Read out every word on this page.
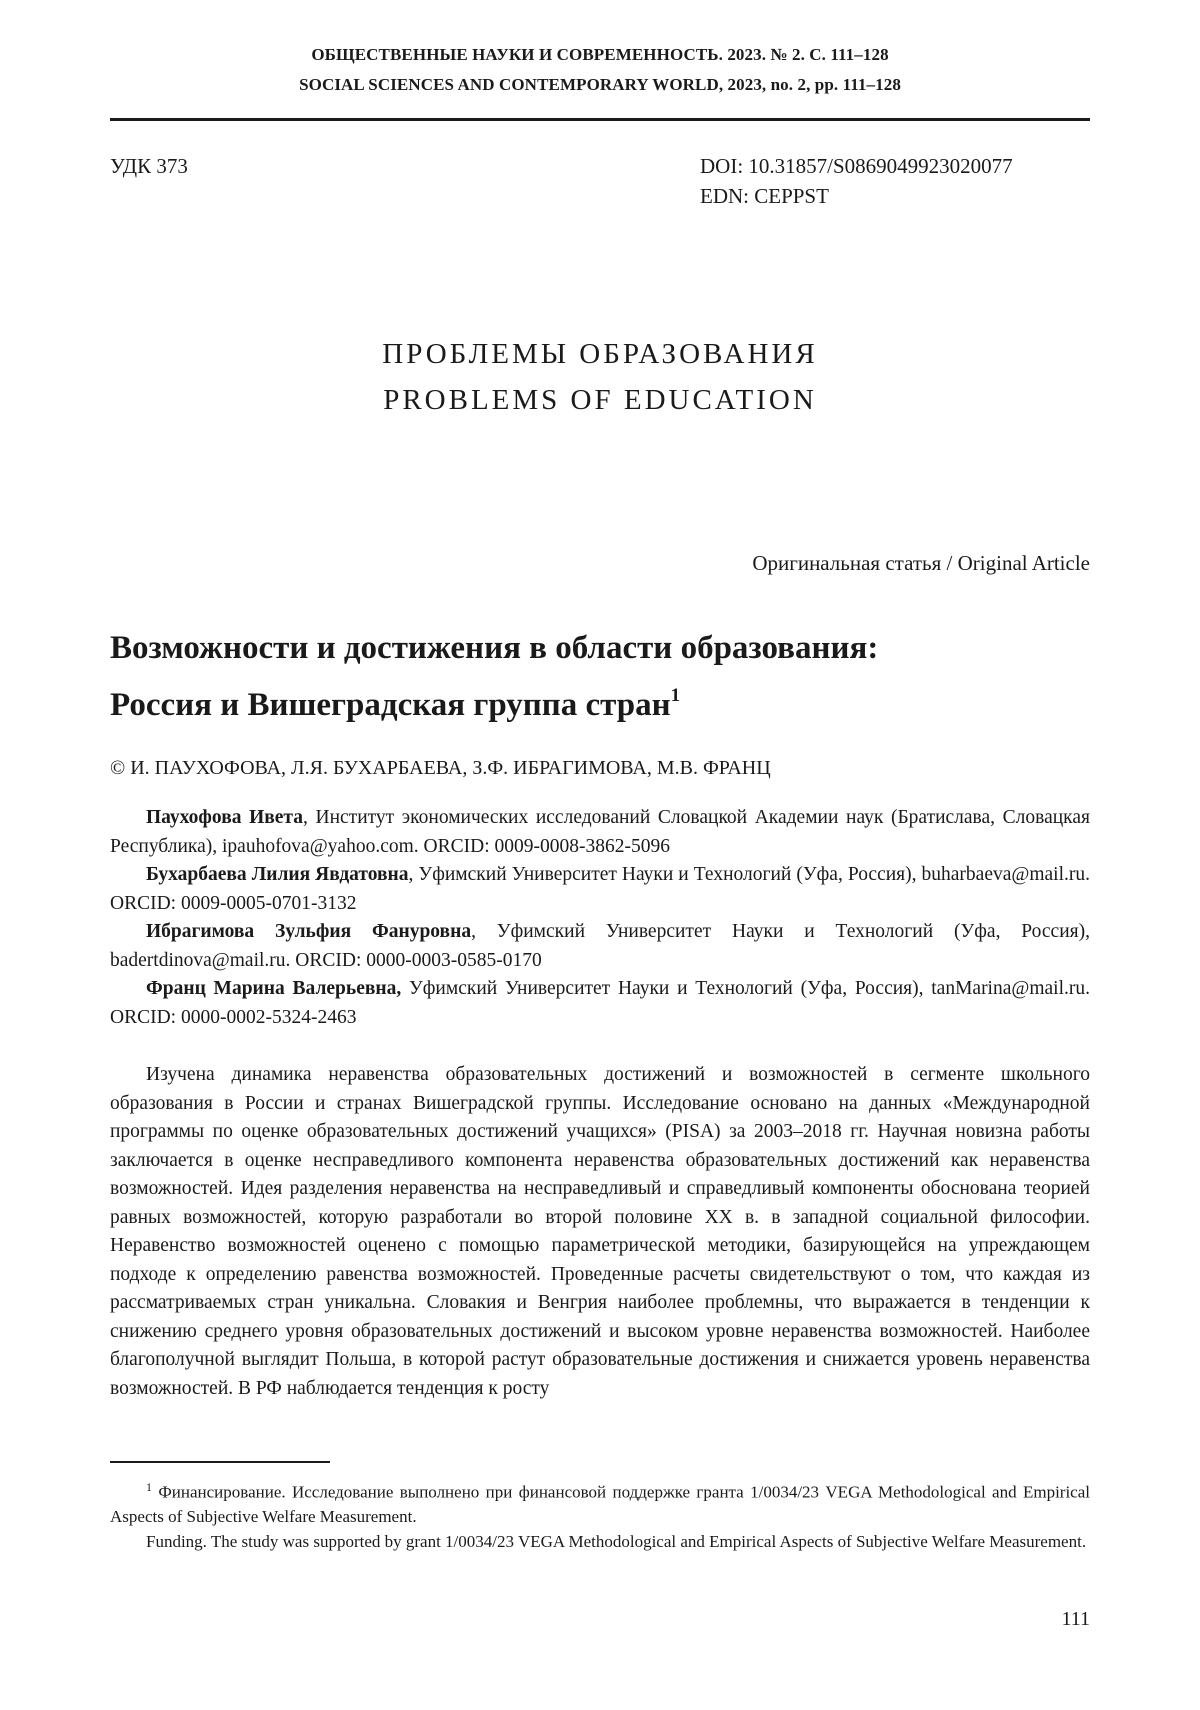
ОБЩЕСТВЕННЫЕ НАУКИ И СОВРЕМЕННОСТЬ. 2023. № 2. С. 111–128
SOCIAL SCIENCES AND CONTEMPORARY WORLD, 2023, no. 2, pp. 111–128
УДК 373	DOI: 10.31857/S0869049923020077
EDN: CEPPST
ПРОБЛЕМЫ ОБРАЗОВАНИЯ
PROBLEMS OF EDUCATION
Оригинальная статья / Original Article
Возможности и достижения в области образования:
Россия и Вишеградская группа стран$^1$
© И. ПАУХОФОВА, Л.Я. БУХАРБАЕВА, З.Ф. ИБРАГИМОВА, М.В. ФРАНЦ

Паухофова Ивета, Институт экономических исследований Словацкой Академии наук (Братислава, Словацкая Республика), ipauhofova@yahoo.com. ORCID: 0009-0008-3862-5096

Бухарбаева Лилия Явдатовна, Уфимский Университет Науки и Технологий (Уфа, Россия), buharbaeva@mail.ru. ORCID: 0009-0005-0701-3132

Ибрагимова Зульфия Фануровна, Уфимский Университет Науки и Технологий (Уфа, Россия), badertdinova@mail.ru. ORCID: 0000-0003-0585-0170

Франц Марина Валерьевна, Уфимский Университет Науки и Технологий (Уфа, Россия), tanMarina@mail.ru. ORCID: 0000-0002-5324-2463

Изучена динамика неравенства образовательных достижений и возможностей в сегменте школьного образования в России и странах Вишеградской группы. Исследование основано на данных «Международной программы по оценке образовательных достижений учащихся» (PISA) за 2003–2018 гг. Научная новизна работы заключается в оценке несправедливого компонента неравенства образовательных достижений как неравенства возможностей. Идея разделения неравенства на несправедливый и справедливый компоненты обоснована теорией равных возможностей, которую разработали во второй половине XX в. в западной социальной философии. Неравенство возможностей оценено с помощью параметрической методики, базирующейся на упреждающем подходе к определению равенства возможностей. Проведенные расчеты свидетельствуют о том, что каждая из рассматриваемых стран уникальна. Словакия и Венгрия наиболее проблемны, что выражается в тенденции к снижению среднего уровня образовательных достижений и высоком уровне неравенства возможностей. Наиболее благополучной выглядит Польша, в которой растут образовательные достижения и снижается уровень неравенства возможностей. В РФ наблюдается тенденция к росту

$^1$ Финансирование. Исследование выполнено при финансовой поддержке гранта 1/0034/23 VEGA Methodological and Empirical Aspects of Subjective Welfare Measurement.

Funding. The study was supported by grant 1/0034/23 VEGA Methodological and Empirical Aspects of Subjective Welfare Measurement.

111
